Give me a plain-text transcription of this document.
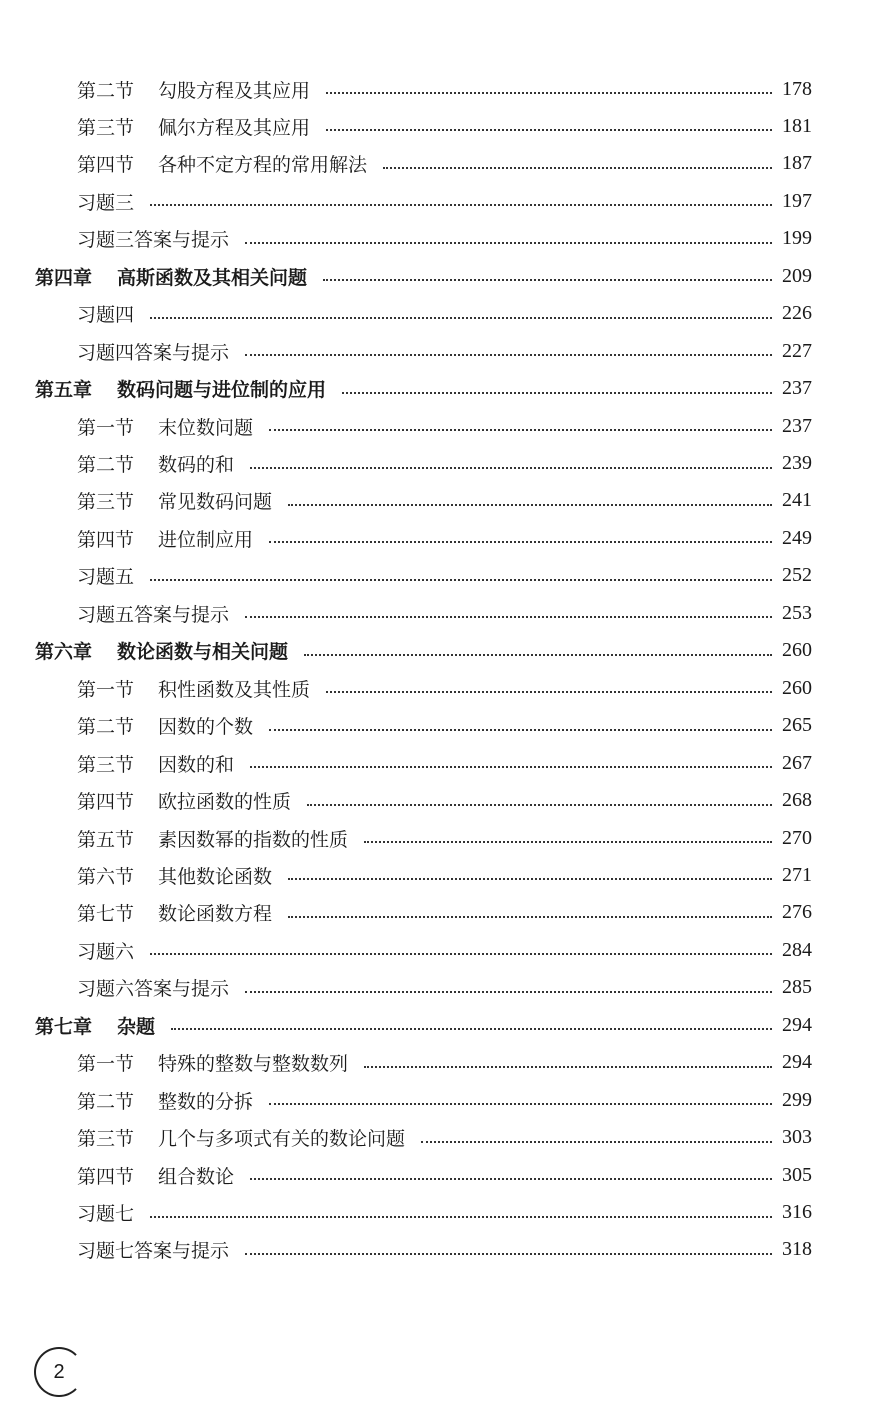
第二节 勾股方程及其应用	178
第三节 佩尔方程及其应用	181
第四节 各种不定方程的常用解法	187
习题三	197
习题三答案与提示	199
第四章 高斯函数及其相关问题	209
习题四	226
习题四答案与提示	227
第五章 数码问题与进位制的应用	237
第一节 末位数问题	237
第二节 数码的和	239
第三节 常见数码问题	241
第四节 进位制应用	249
习题五	252
习题五答案与提示	253
第六章 数论函数与相关问题	260
第一节 积性函数及其性质	260
第二节 因数的个数	265
第三节 因数的和	267
第四节 欧拉函数的性质	268
第五节 素因数幂的指数的性质	270
第六节 其他数论函数	271
第七节 数论函数方程	276
习题六	284
习题六答案与提示	285
第七章 杂题	294
第一节 特殊的整数与整数数列	294
第二节 整数的分拆	299
第三节 几个与多项式有关的数论问题	303
第四节 组合数论	305
习题七	316
习题七答案与提示	318
2
